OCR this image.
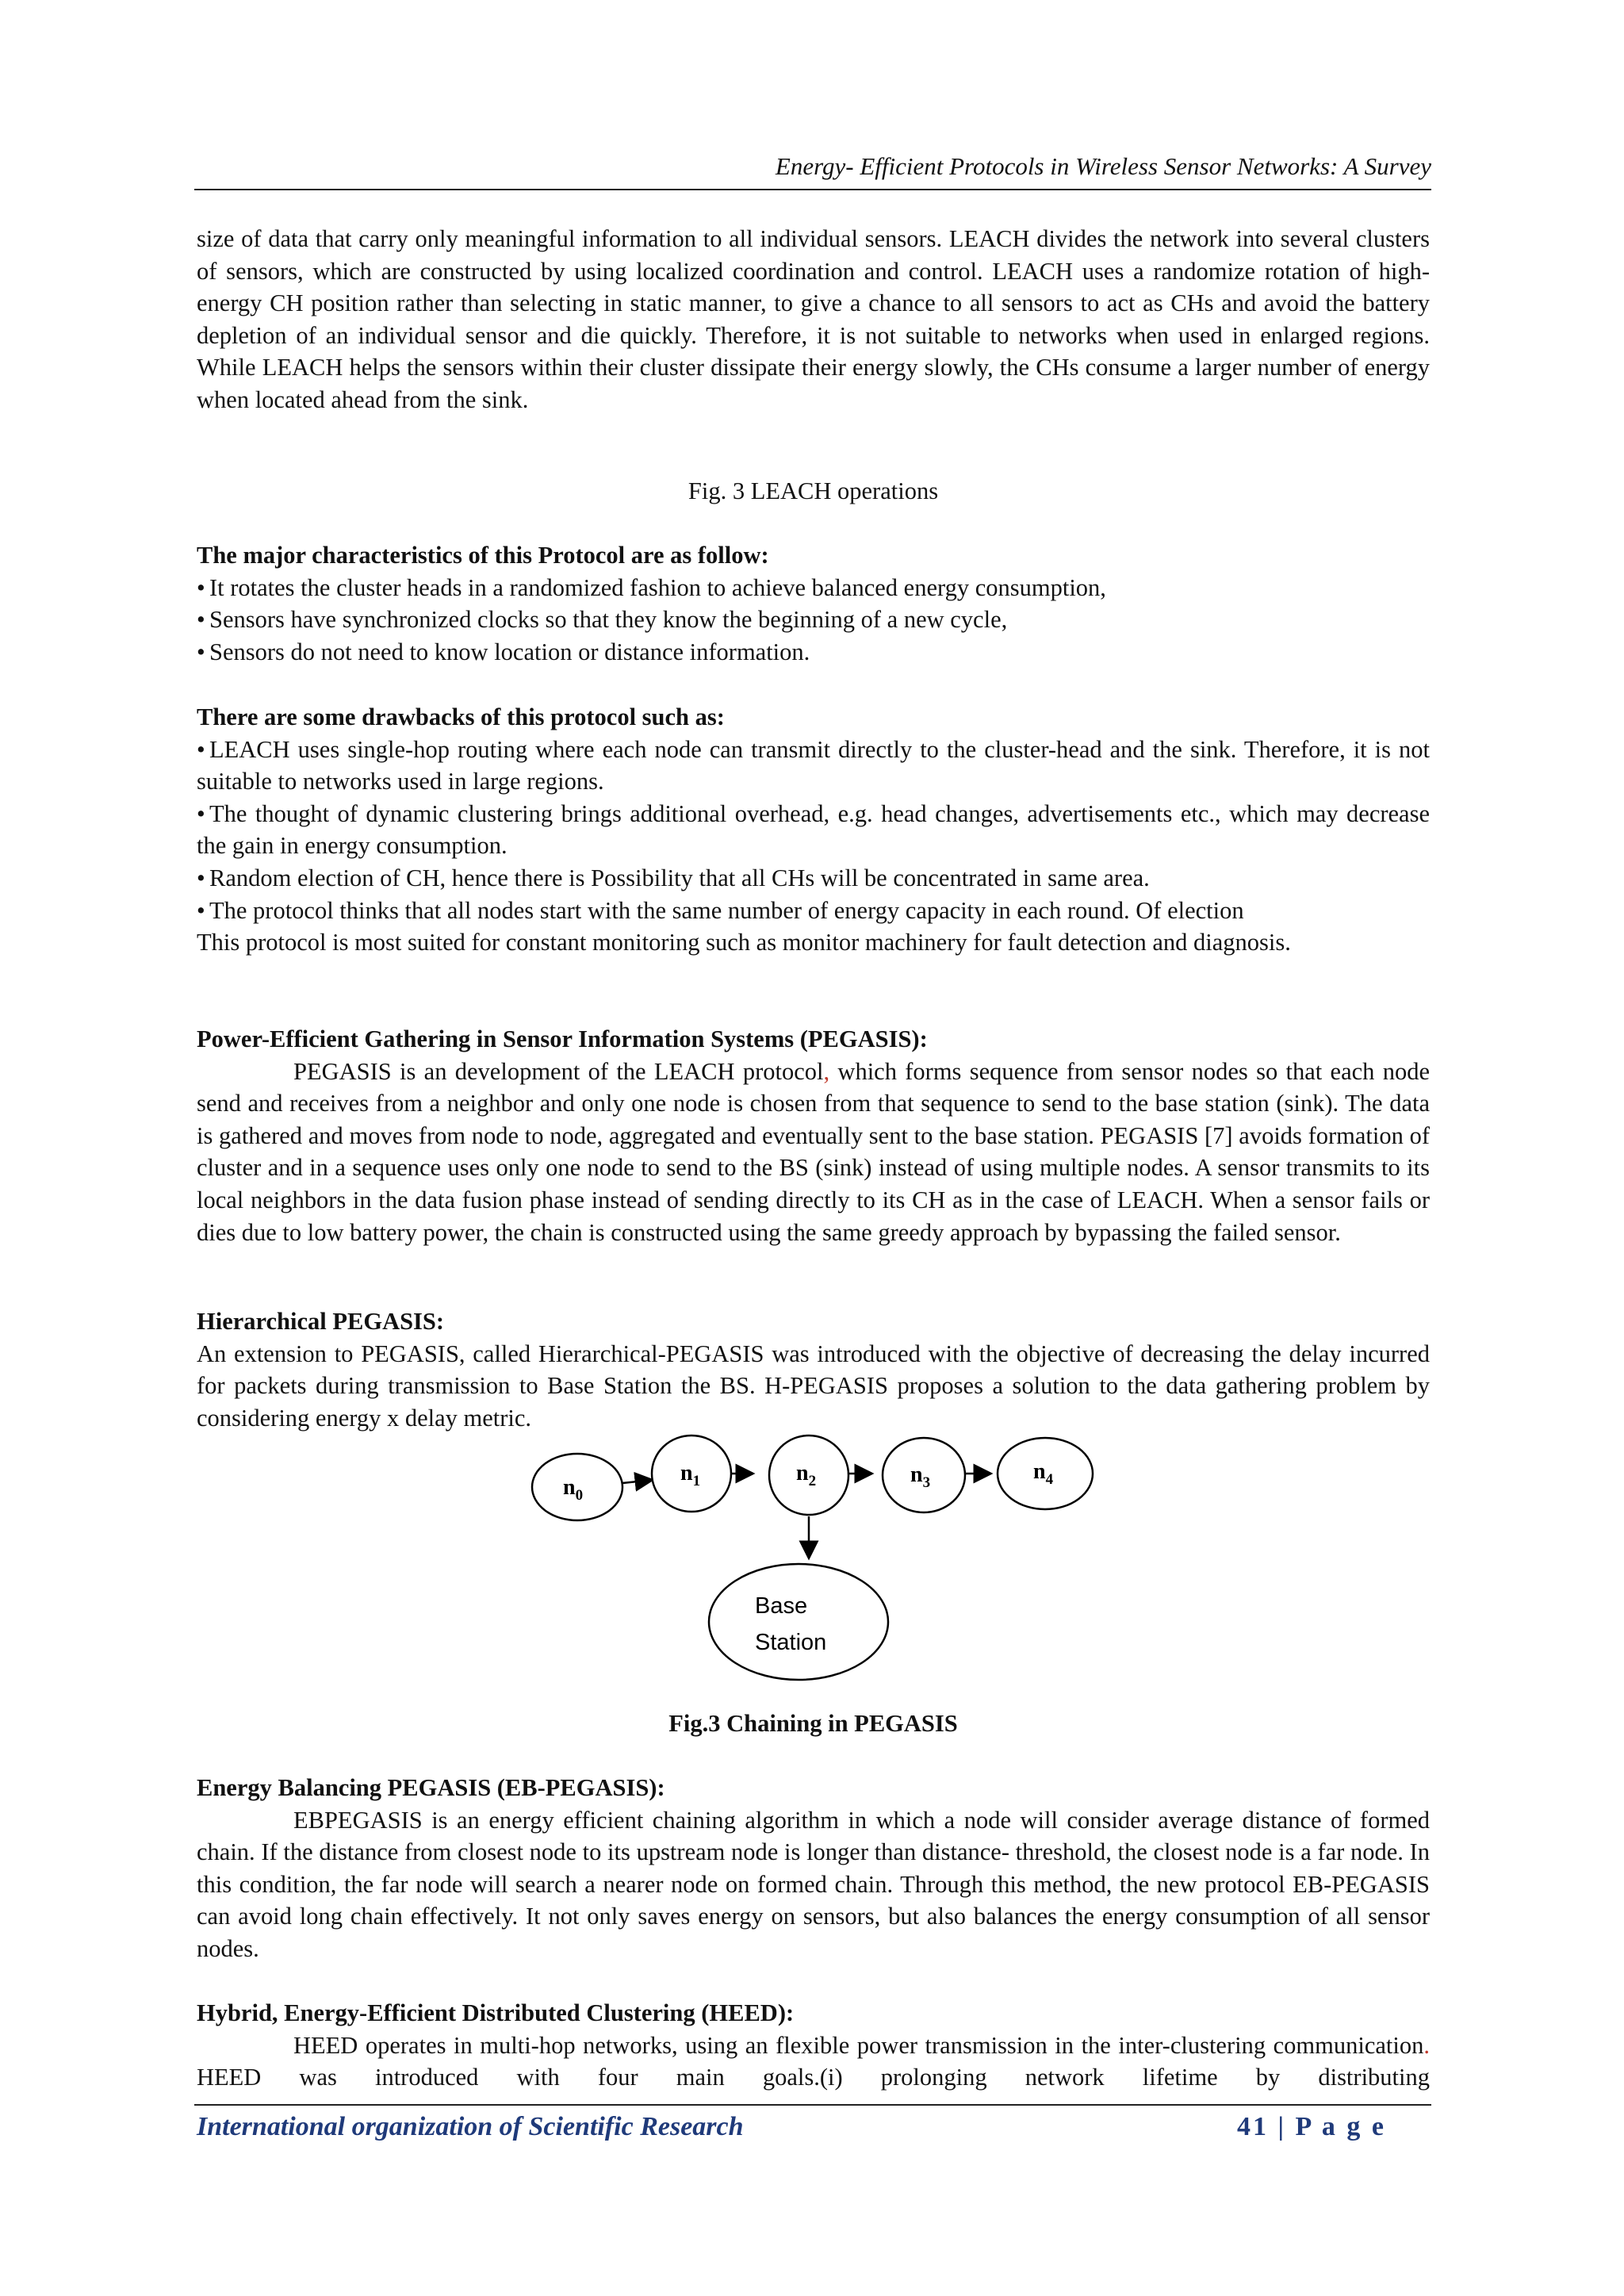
Energy- Efficient Protocols in Wireless Sensor Networks: A Survey

size of data that carry only meaningful information to all individual sensors. LEACH divides the network into several clusters of sensors, which are constructed by using localized coordination and control. LEACH uses a randomize rotation of high-energy CH position rather than selecting in static manner, to give a chance to all sensors to act as CHs and avoid the battery depletion of an individual sensor and die quickly. Therefore, it is not suitable to networks when used in enlarged regions. While LEACH helps the sensors within their cluster dissipate their energy slowly, the CHs consume a larger number of energy when located ahead from the sink.

Fig. 3 LEACH operations

The major characteristics of this Protocol are as follow:

• It rotates the cluster heads in a randomized fashion to achieve balanced energy consumption,

• Sensors have synchronized clocks so that they know the beginning of a new cycle,

• Sensors do not need to know location or distance information.

There are some drawbacks of this protocol such as:

• LEACH uses single-hop routing where each node can transmit directly to the cluster-head and the sink. Therefore, it is not suitable to networks used in large regions.

• The thought of dynamic clustering brings additional overhead, e.g. head changes, advertisements etc., which may decrease the gain in energy consumption.

• Random election of CH, hence there is Possibility that all CHs will be concentrated in same area.

• The protocol thinks that all nodes start with the same number of energy capacity in each round. Of election

This protocol is most suited for constant monitoring such as monitor machinery for fault detection and diagnosis.

Power-Efficient Gathering in Sensor Information Systems (PEGASIS):

PEGASIS is an development of the LEACH protocol, which forms sequence from sensor nodes so that each node send and receives from a neighbor and only one node is chosen from that sequence to send to the base station (sink). The data is gathered and moves from node to node, aggregated and eventually sent to the base station. PEGASIS [7] avoids formation of cluster and in a sequence uses only one node to send to the BS (sink) instead of using multiple nodes. A sensor transmits to its local neighbors in the data fusion phase instead of sending directly to its CH as in the case of LEACH. When a sensor fails or dies due to low battery power, the chain is constructed using the same greedy approach by bypassing the failed sensor.

Hierarchical PEGASIS:

An extension to PEGASIS, called Hierarchical-PEGASIS was introduced with the objective of decreasing the delay incurred for packets during transmission to Base Station the BS. H-PEGASIS proposes a solution to the data gathering problem by considering energy x delay metric.

$n_0$
$n_1$	$n_2$	$n_3$	$n_4$
Base
Station
Fig.3 Chaining in PEGASIS

Energy Balancing PEGASIS (EB-PEGASIS):

EBPEGASIS is an energy efficient chaining algorithm in which a node will consider average distance of formed chain. If the distance from closest node to its upstream node is longer than distance- threshold, the closest node is a far node. In this condition, the far node will search a nearer node on formed chain. Through this method, the new protocol EB-PEGASIS can avoid long chain effectively. It not only saves energy on sensors, but also balances the energy consumption of all sensor nodes.

Hybrid, Energy-Efficient Distributed Clustering (HEED):

HEED operates in multi-hop networks, using an flexible power transmission in the inter-clustering communication. HEED was introduced with four main goals.(i) prolonging network lifetime by distributing

International organization of Scientific Research	41 | P a g e
